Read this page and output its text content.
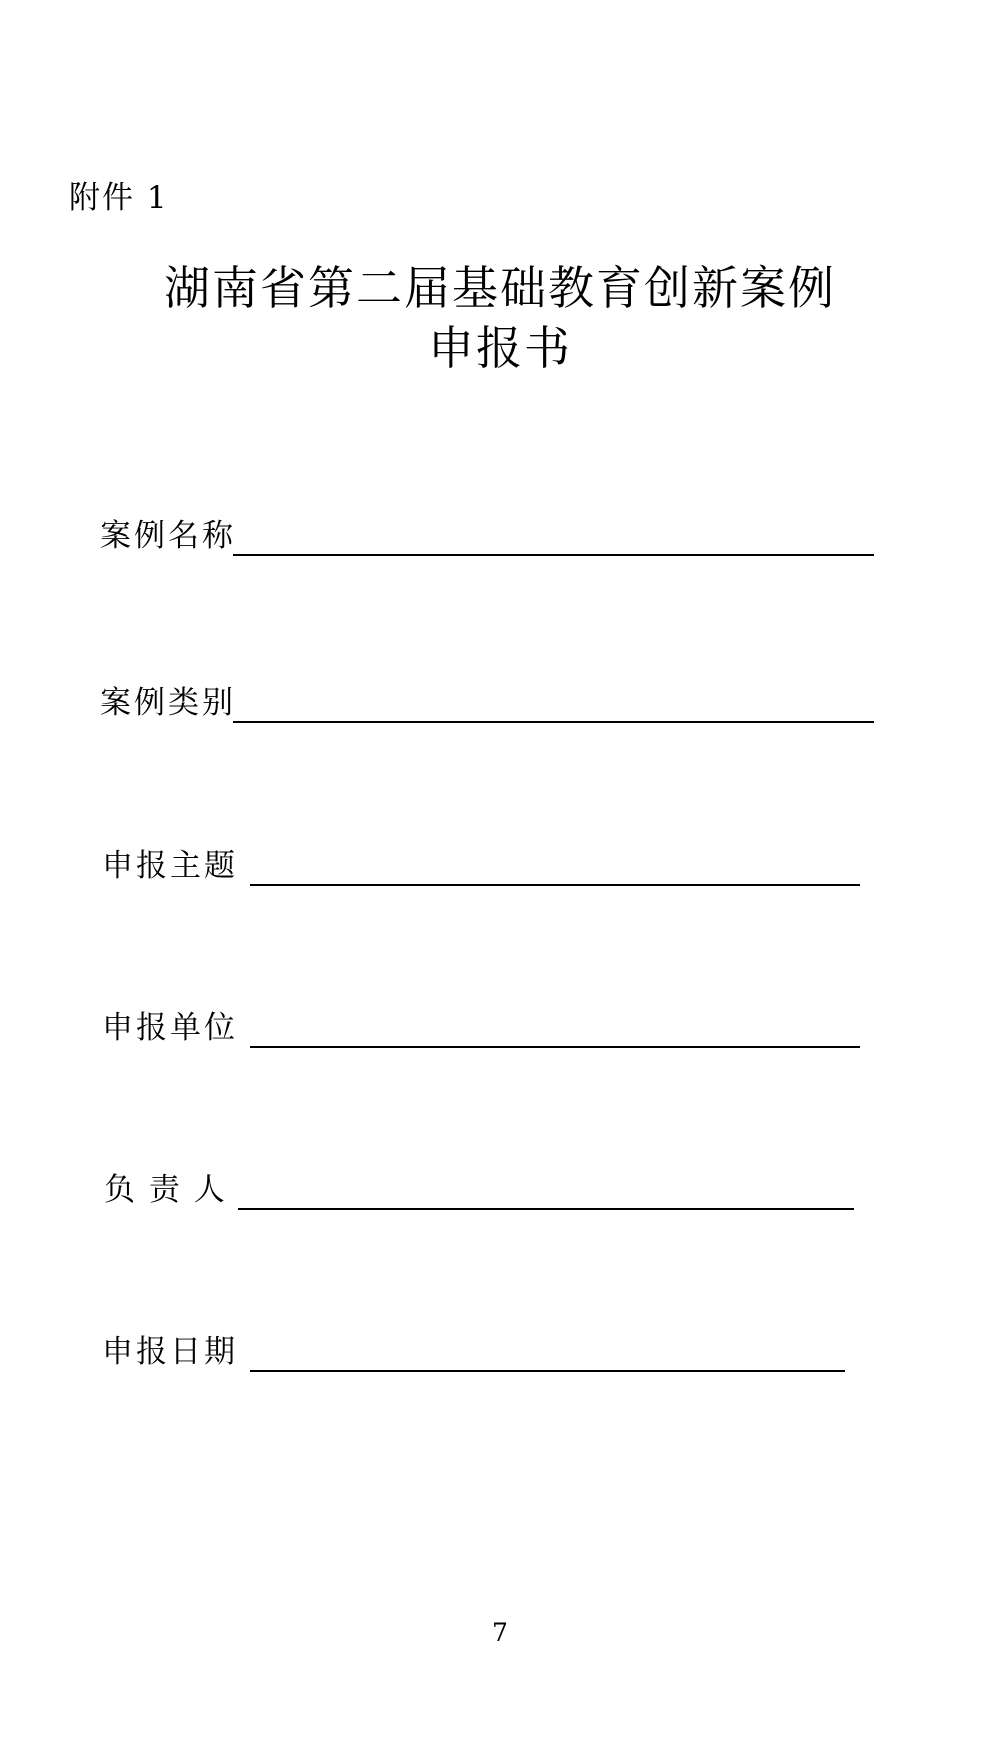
附件 1
湖南省第二届基础教育创新案例
申报书
案例名称
案例类别
申报主题
申报单位
负 责 人
申报日期
7
